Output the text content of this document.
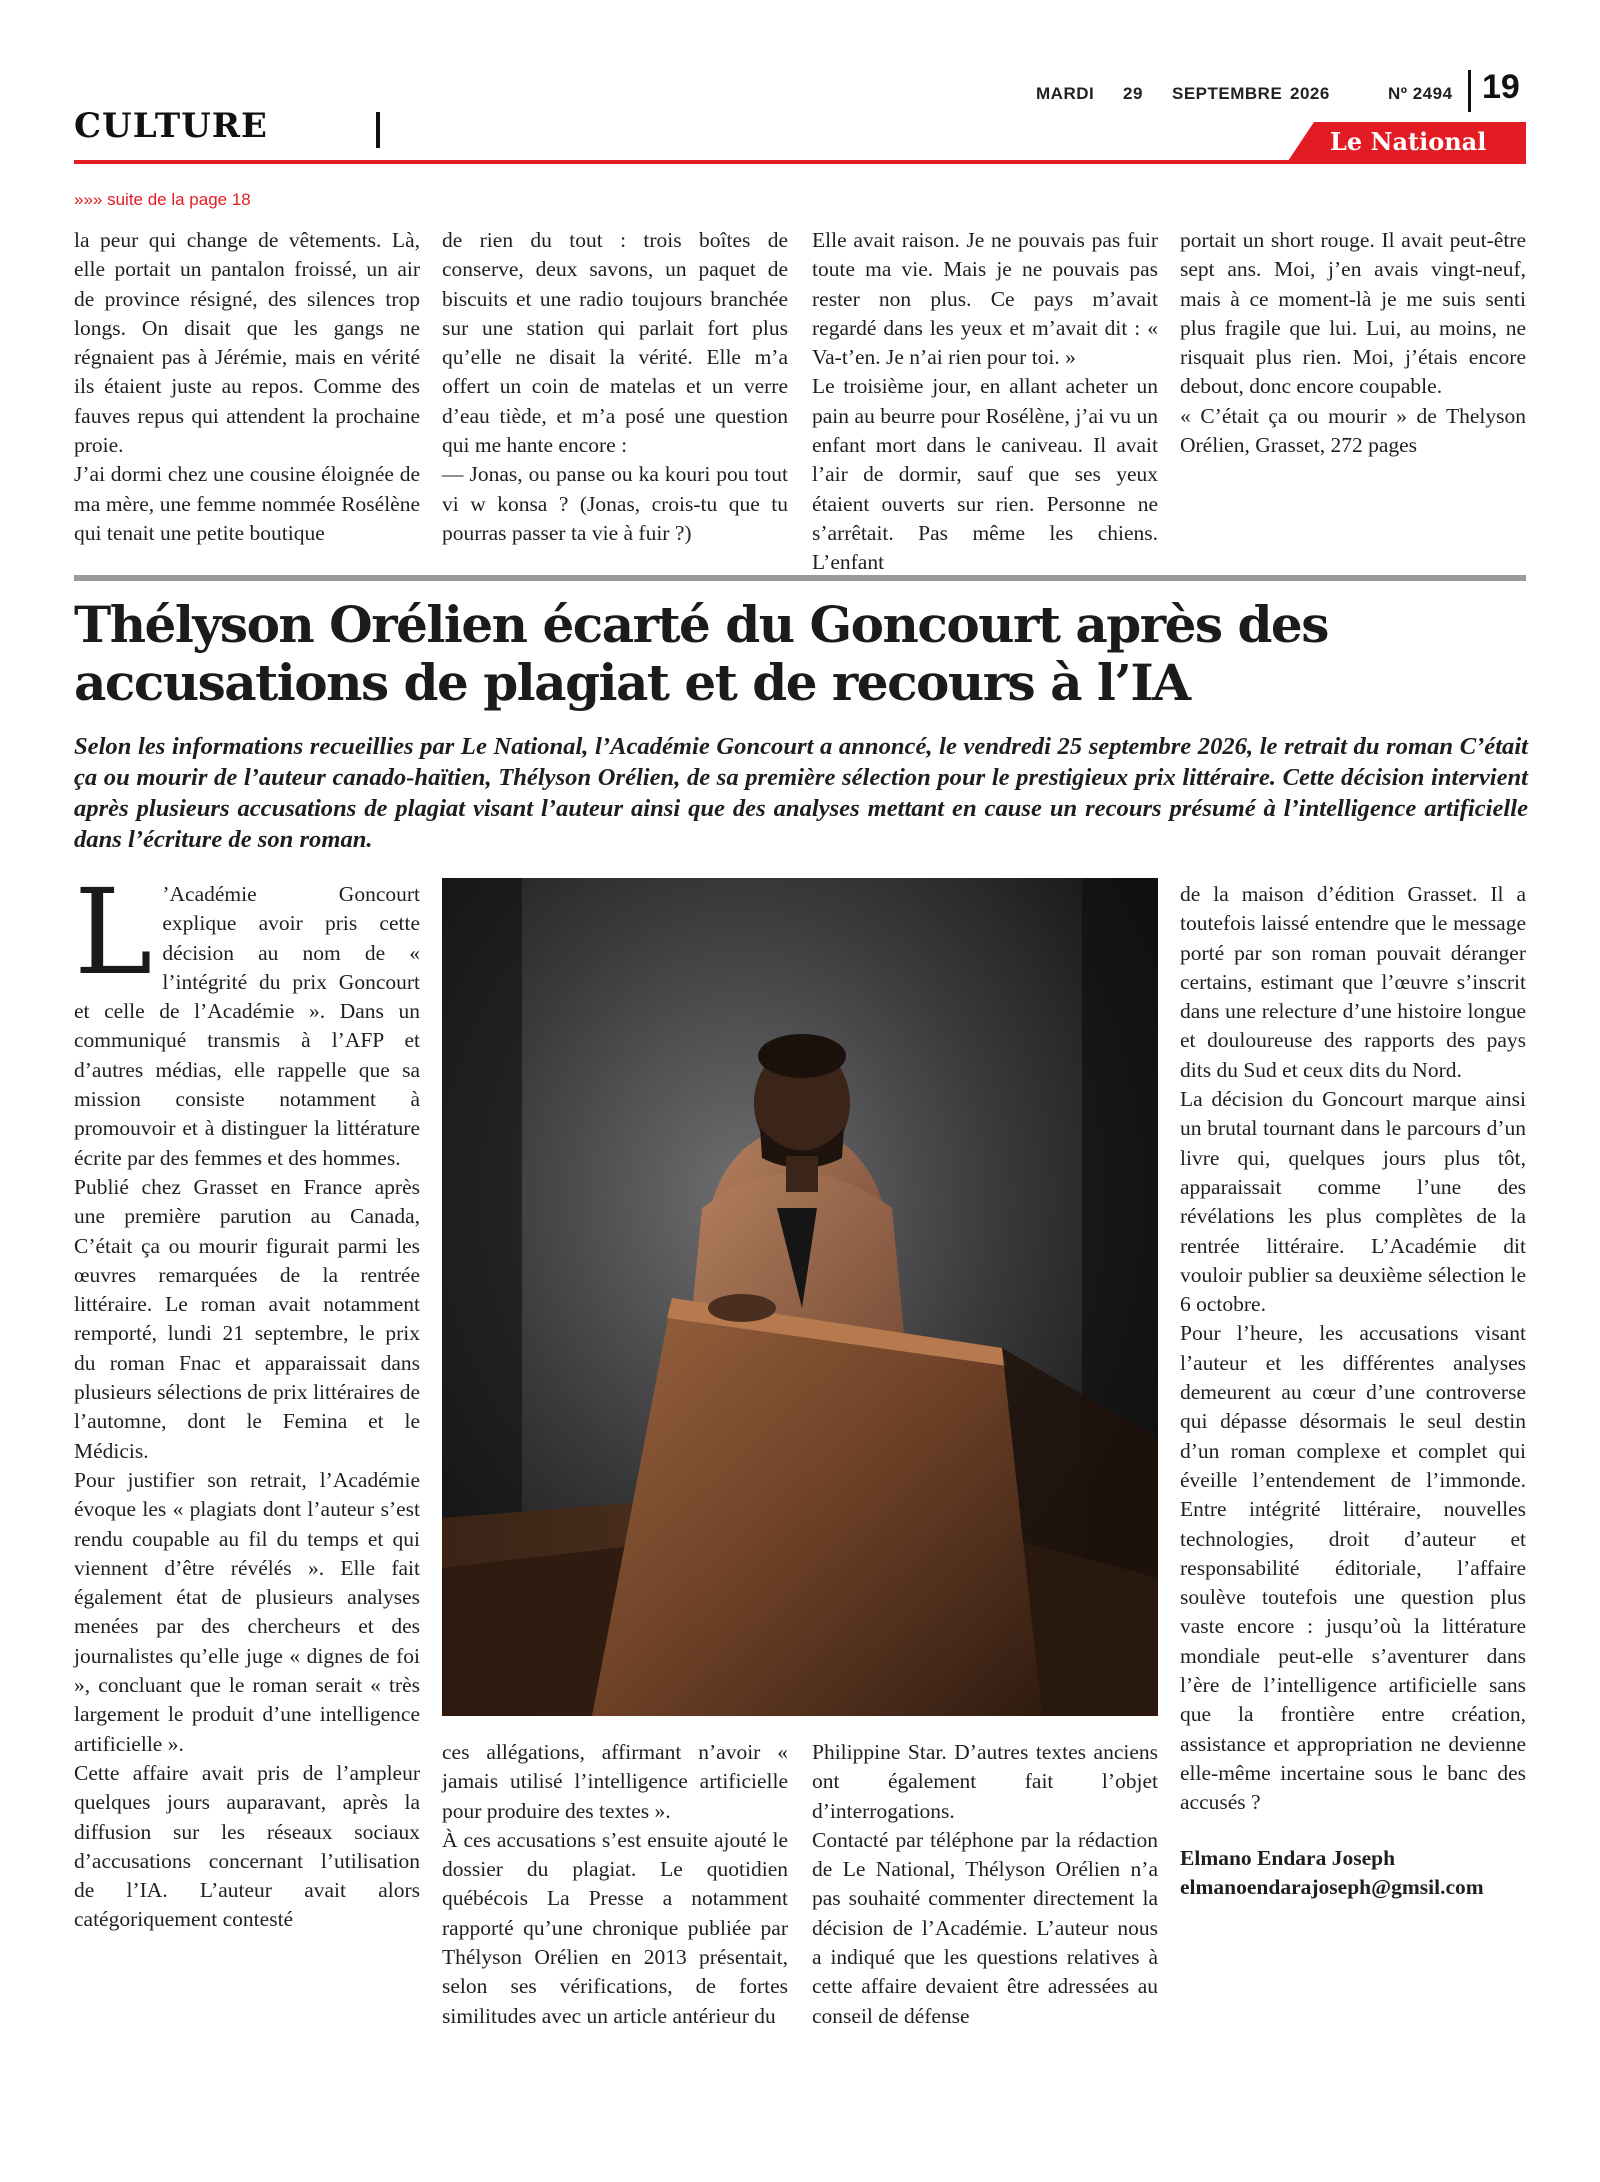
CULTURE
MARDI 29 SEPTEMBRE 2026	Nº 2494 19
Le National
»»» suite de la page 18

la peur qui change de vêtements. Là, elle portait un pantalon froissé, un air de province résigné, des silences trop longs. On disait que les gangs ne régnaient pas à Jérémie, mais en vérité ils étaient juste au repos. Comme des fauves repus qui attendent la prochaine proie.

J’ai dormi chez une cousine éloignée de ma mère, une femme nommée Rosélène qui tenait une petite boutique

de rien du tout : trois boîtes de conserve, deux savons, un paquet de biscuits et une radio toujours branchée sur une station qui parlait fort plus qu’elle ne disait la vérité. Elle m’a offert un coin de matelas et un verre d’eau tiède, et m’a posé une question qui me hante encore :

— Jonas, ou panse ou ka kouri pou tout vi w konsa ? (Jonas, crois-tu que tu pourras passer ta vie à fuir ?)

Elle avait raison. Je ne pouvais pas fuir toute ma vie. Mais je ne pouvais pas rester non plus. Ce pays m’avait regardé dans les yeux et m’avait dit : « Va-t’en. Je n’ai rien pour toi. »

Le troisième jour, en allant acheter un pain au beurre pour Rosélène, j’ai vu un enfant mort dans le caniveau. Il avait l’air de dormir, sauf que ses yeux étaient ouverts sur rien. Personne ne s’arrêtait. Pas même les chiens. L’enfant

portait un short rouge. Il avait peut-être sept ans. Moi, j’en avais vingt-neuf, mais à ce moment-là je me suis senti plus fragile que lui. Lui, au moins, ne risquait plus rien. Moi, j’étais encore debout, donc encore coupable.

« C’était ça ou mourir » de Thelyson Orélien, Grasset, 272 pages

Thélyson Orélien écarté du Goncourt après des accusations de plagiat et de recours à l’IA

Selon les informations recueillies par Le National, l’Académie Goncourt a annoncé, le vendredi 25 septembre 2026, le retrait du roman C’était ça ou mourir de l’auteur canado-haïtien, Thélyson Orélien, de sa première sélection pour le prestigieux prix littéraire. Cette décision intervient après plusieurs accusations de plagiat visant l’auteur ainsi que des analyses mettant en cause un recours présumé à l’intelligence artificielle dans l’écriture de son roman.

L ’Académie Goncourt explique avoir pris cette décision au nom de « l’intégrité du prix Goncourt et celle de l’Académie ». Dans un communiqué transmis à l’AFP et d’autres médias, elle rappelle que sa mission consiste notamment à promouvoir et à distinguer la littérature écrite par des femmes et des hommes.

Publié chez Grasset en France après une première parution au Canada, C’était ça ou mourir figurait parmi les œuvres remarquées de la rentrée littéraire. Le roman avait notamment remporté, lundi 21 septembre, le prix du roman Fnac et apparaissait dans plusieurs sélections de prix littéraires de l’automne, dont le Femina et le Médicis.

Pour justifier son retrait, l’Académie évoque les « plagiats dont l’auteur s’est rendu coupable au fil du temps et qui viennent d’être révélés ». Elle fait également état de plusieurs analyses menées par des chercheurs et des journalistes qu’elle juge « dignes de foi », concluant que le roman serait « très largement le produit d’une intelligence artificielle ».

Cette affaire avait pris de l’ampleur quelques jours auparavant, après la diffusion sur les réseaux sociaux d’accusations concernant l’utilisation de l’IA. L’auteur avait alors catégoriquement contesté

ces allégations, affirmant n’avoir « jamais utilisé l’intelligence artificielle pour produire des textes ».

À ces accusations s’est ensuite ajouté le dossier du plagiat. Le quotidien québécois La Presse a notamment rapporté qu’une chronique publiée par Thélyson Orélien en 2013 présentait, selon ses vérifications, de fortes similitudes avec un article antérieur du

Philippine Star. D’autres textes anciens ont également fait l’objet d’interrogations.

Contacté par téléphone par la rédaction de Le National, Thélyson Orélien n’a pas souhaité commenter directement la décision de l’Académie. L’auteur nous a indiqué que les questions relatives à cette affaire devaient être adressées au conseil de défense

de la maison d’édition Grasset. Il a toutefois laissé entendre que le message porté par son roman pouvait déranger certains, estimant que l’œuvre s’inscrit dans une relecture d’une histoire longue et douloureuse des rapports des pays dits du Sud et ceux dits du Nord.

La décision du Goncourt marque ainsi un brutal tournant dans le parcours d’un livre qui, quelques jours plus tôt, apparaissait comme l’une des révélations les plus complètes de la rentrée littéraire. L’Académie dit vouloir publier sa deuxième sélection le 6 octobre.

Pour l’heure, les accusations visant l’auteur et les différentes analyses demeurent au cœur d’une controverse qui dépasse désormais le seul destin d’un roman complexe et complet qui éveille l’entendement de l’immonde. Entre intégrité littéraire, nouvelles technologies, droit d’auteur et responsabilité éditoriale, l’affaire soulève toutefois une question plus vaste encore : jusqu’où la littérature mondiale peut-elle s’aventurer dans l’ère de l’intelligence artificielle sans que la frontière entre création, assistance et appropriation ne devienne elle-même incertaine sous le banc des accusés ?

Elmano Endara Joseph

elmanoendarajoseph@gmsil.com
